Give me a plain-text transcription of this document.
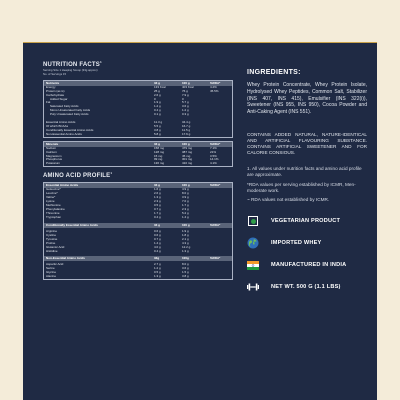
NUTRITION FACTS$^1$
Serving Size 1 Heaping Scoop (33g approx)
No. of Servings 15
Nutrients	33 g	100 g	%RDA*
Energy	133 Kcal	403 Kcal	4.2%
Protein (as is)	25 g	76 g	45.5%
Carbohydrate	2.6 g	7.9 g
Added Sugar	0	0
Fat	1.9 g	5.7 g
Saturated Fatty Acids	1.2 g	3.6 g
Mono Unsaturated Fatty Acids	0.4 g	1.2 g
Poly Unsaturated Fatty Acids	0.1 g	0.3 g
Essential Amino Acids	11.3 g	34.4 g
Of which BCAAs	5.5 g	16.7 g
Conditionally Essential Amino Acids	3.8 g	11.5 g
Non-Essential Amino Acids	5.8 g	17.6 g
Minerals	33 g	100 g	%RDA*
Sodium	158 mg	479 mg	7.1%
Calcium	128 mg	387 mg	21%
Magnesium	15 mg	45 mg	3.5%
Phosphorus	99 mg	301 mg	14.1%
Potassium	136 mg	410 mg	4.1%
AMINO ACID PROFILE$^1$
Essential Amino Acids	33 g	100 g	%RDA*
Isoleucine*	1.6 g	4.9 g
Leucine*	2.6 g	8.0 g
Valine*	1.3 g	3.9 g
Lysine	2.3 g	7.0 g
Methionine	0.5 g	1.7 g
Phenylalanine	0.7 g	2.3 g
Threonine	1.7 g	5.2 g
Tryptophan	0.4 g	1.4 g
Conditionally Essential Amino Acids	33 g	100 g	%RDA*
Arginine	0.6 g	1.9 g
Cystine	0.6 g	1.8 g
Tyrosine	0.7 g	2.1 g
Proline	1.4 g	4.3 g
Glutamic Acid	4.0 g	12.2 g
Histidine	0.4 g	1.3 g
Non-Essential Amino Acids	33g	100g	%RDA*
Aspartic Acid	2.7 g	8.0 g
Serine	1.2 g	3.6 g
Glycine	0.5 g	1.5 g
Alanine	1.3 g	3.8 g
INGREDIENTS:
Whey Protein Concentrate, Whey Protein Isolate, Hydrolysed Whey Peptides, Common Salt, Stabilizer (INS 407, INS 415), Emulsifier (INS 322(i)), Sweetener (INS 955, INS 950), Cocoa Powder and Anti-Caking Agent (INS 551).
CONTAINS ADDED NATURAL, NATURE-IDENTICAL AND ARTIFICIAL FLAVOURING SUBSTANCE. CONTAINS ARTIFICIAL SWEETENER AND FOR CALORIE CONSIOUS.
1. All values under nutrition facts and amino acid profile are approximate.
*RDA values per serving established by ICMR, Men-moderate work.
~ RDA values not established by ICMR.
VEGETARIAN PRODUCT
IMPORTED WHEY
MANUFACTURED IN INDIA
NET WT. 500 G (1.1 LBS)
